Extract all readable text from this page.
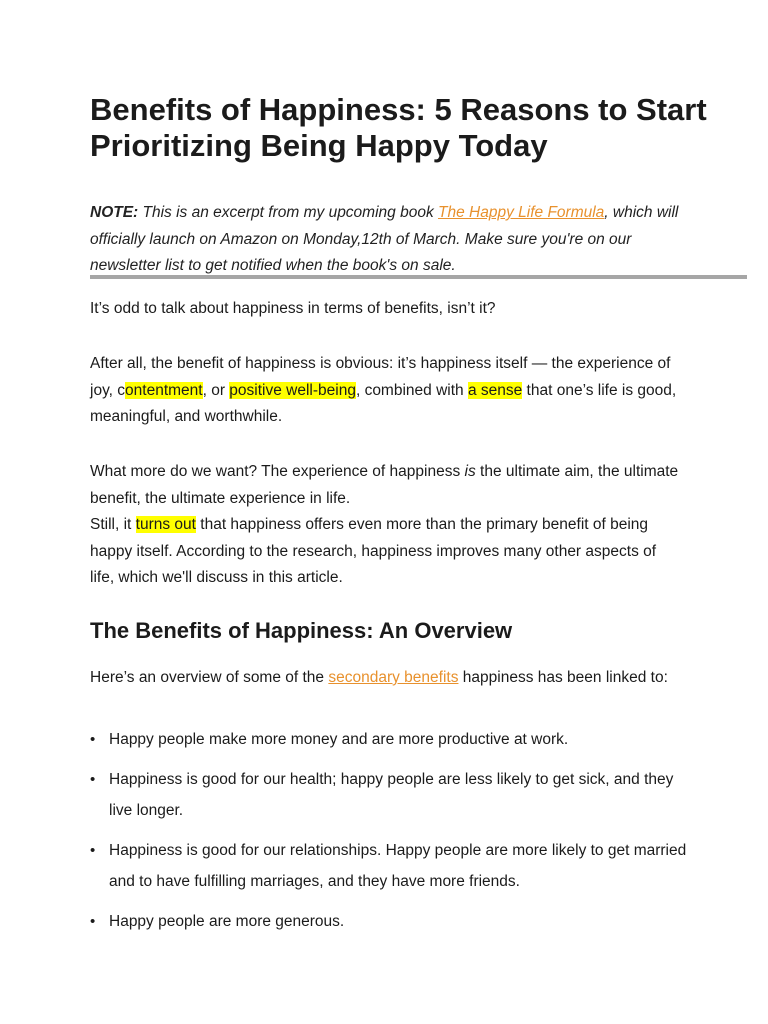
Benefits of Happiness: 5 Reasons to Start Prioritizing Being Happy Today

NOTE: This is an excerpt from my upcoming book The Happy Life Formula, which will officially launch on Amazon on Monday,12th of March. Make sure you're on our newsletter list to get notified when the book's on sale.

It’s odd to talk about happiness in terms of benefits, isn’t it?

After all, the benefit of happiness is obvious: it’s happiness itself — the experience of joy, contentment, or positive well-being, combined with a sense that one’s life is good, meaningful, and worthwhile.

What more do we want? The experience of happiness is the ultimate aim, the ultimate benefit, the ultimate experience in life.

Still, it turns out that happiness offers even more than the primary benefit of being happy itself. According to the research, happiness improves many other aspects of life, which we'll discuss in this article.

The Benefits of Happiness: An Overview

Here’s an overview of some of the secondary benefits happiness has been linked to:

• Happy people make more money and are more productive at work.
• Happiness is good for our health; happy people are less likely to get sick, and they live longer.
• Happiness is good for our relationships. Happy people are more likely to get married and to have fulfilling marriages, and they have more friends.
• Happy people are more generous.
